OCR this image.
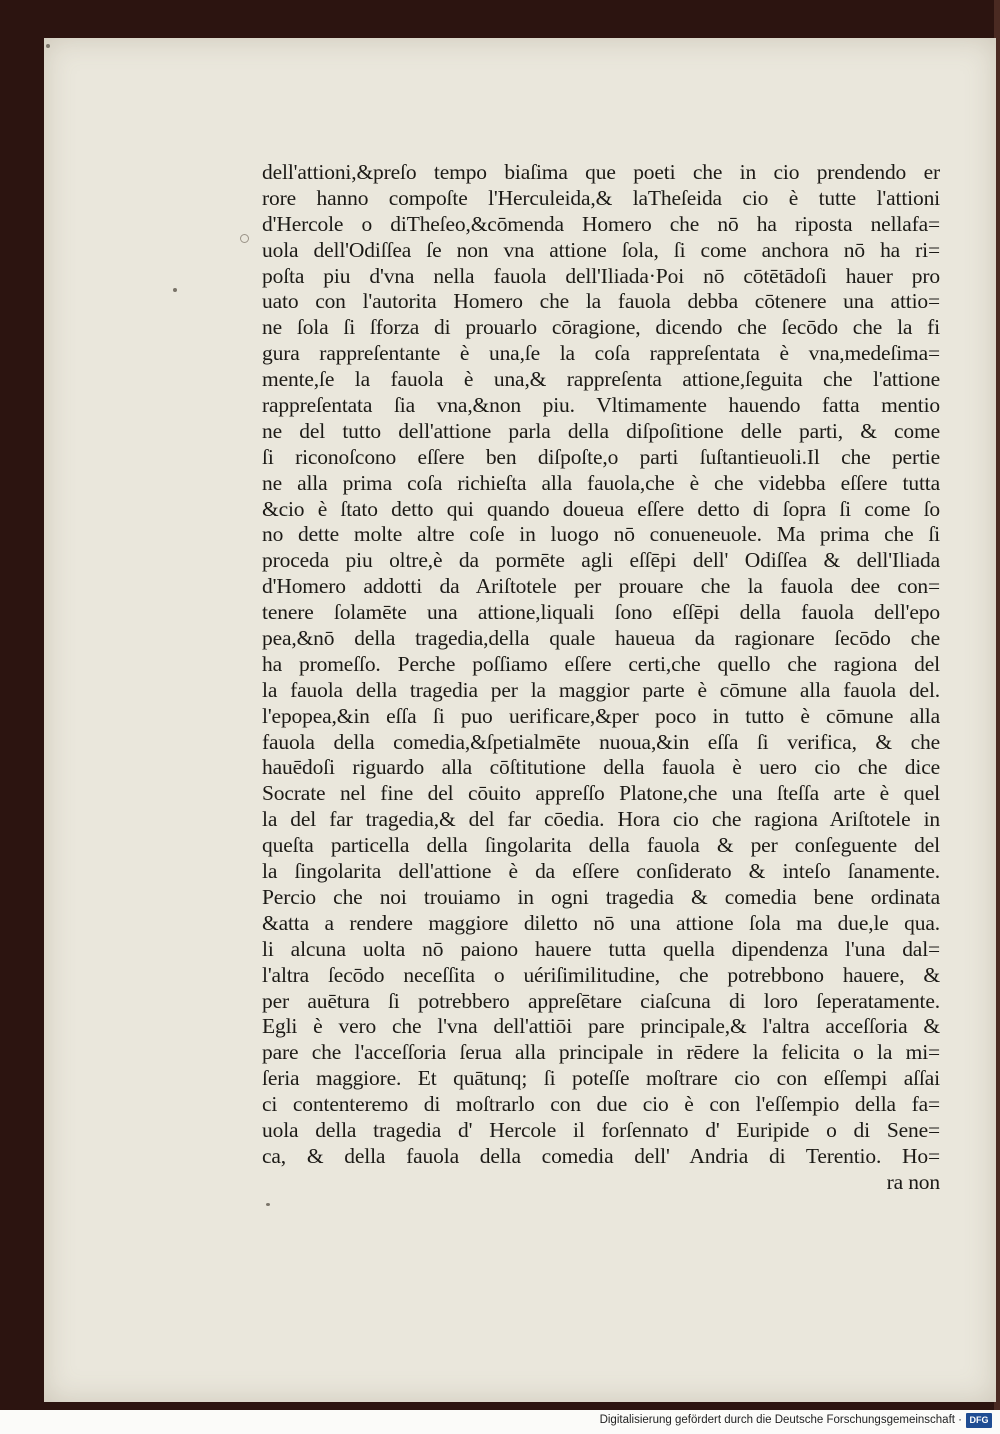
dell'attioni,&preſo tempo biaſima que poeti che in cio prendendo er
rore hanno compoſte l'Herculeida,& laTheſeida cio è tutte l'attioni
d'Hercole o diTheſeo,&cōmenda Homero che nō ha riposta nellafa=
uola dell'Odiſſea ſe non vna attione ſola, ſi come anchora nō ha ri=
poſta piu d'vna nella fauola dell'Iliada·Poi nō cōtētādoſi hauer pro
uato con l'autorita Homero che la fauola debba cōtenere una attio=
ne ſola ſi ſforza di prouarlo cōragione, dicendo che ſecōdo che la fi
gura rappreſentante è una,ſe la coſa rappreſentata è vna,medeſima=
mente,ſe la fauola è una,& rappreſenta attione,ſeguita che l'attione
rappreſentata ſia vna,&non piu. Vltimamente hauendo fatta mentio
ne del tutto dell'attione parla della diſpoſitione delle parti, & come
ſi riconoſcono eſſere ben diſpoſte,o parti ſuſtantieuoli.Il che pertie
ne alla prima coſa richieſta alla fauola,che è che videbba eſſere tutta
&cio è ſtato detto qui quando doueua eſſere detto di ſopra ſi come ſo
no dette molte altre coſe in luogo nō conueneuole. Ma prima che ſi
proceda piu oltre,è da pormēte agli eſſēpi dell' Odiſſea & dell'Iliada
d'Homero addotti da Ariſtotele per prouare che la fauola dee con=
tenere ſolamēte una attione,liquali ſono eſſēpi della fauola dell'epo
pea,&nō della tragedia,della quale haueua da ragionare ſecōdo che
ha promeſſo. Perche poſſiamo eſſere certi,che quello che ragiona del
la fauola della tragedia per la maggior parte è cōmune alla fauola del.
l'epopea,&in eſſa ſi puo uerificare,&per poco in tutto è cōmune alla
fauola della comedia,&ſpetialmēte nuoua,&in eſſa ſi verifica, & che
hauēdoſi riguardo alla cōſtitutione della fauola è uero cio che dice
Socrate nel fine del cōuito appreſſo Platone,che una ſteſſa arte è quel
la del far tragedia,& del far cōedia. Hora cio che ragiona Ariſtotele in
queſta particella della ſingolarita della fauola & per conſeguente del
la ſingolarita dell'attione è da eſſere conſiderato & inteſo ſanamente.
Percio che noi trouiamo in ogni tragedia & comedia bene ordinata
&atta a rendere maggiore diletto nō una attione ſola ma due,le qua.
li alcuna uolta nō paiono hauere tutta quella dipendenza l'una dal=
l'altra ſecōdo neceſſita o uériſimilitudine, che potrebbono hauere, &
per auētura ſi potrebbero appreſētare ciaſcuna di loro ſeperatamente.
Egli è vero che l'vna dell'attiōi pare principale,& l'altra acceſſoria &
pare che l'acceſſoria ſerua alla principale in rēdere la felicita o la mi=
ſeria maggiore. Et quātunq; ſi poteſſe moſtrare cio con eſſempi aſſai
ci contenteremo di moſtrarlo con due cio è con l'eſſempio della fa=
uola della tragedia d' Hercole il forſennato d' Euripide o di Sene=
ca, & della fauola della comedia dell' Andria di Terentio. Ho=
ra non
Digitalisierung gefördert durch die Deutsche Forschungsgemeinschaft · DFG
